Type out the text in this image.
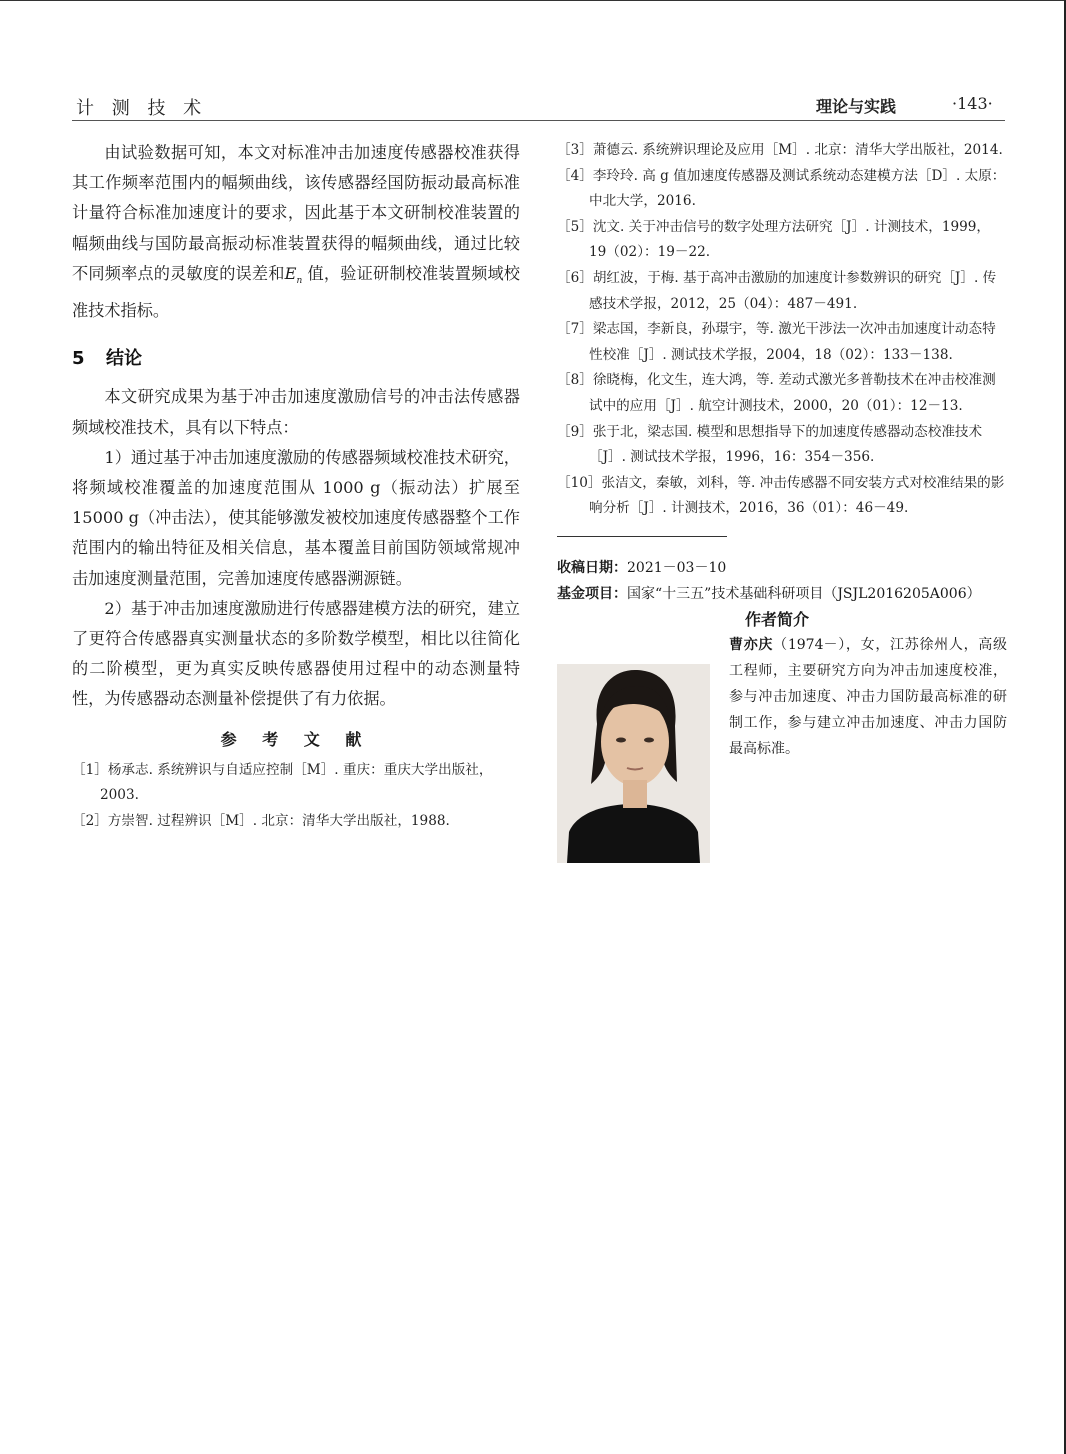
计 测 技 术	理论与实践	·143·

由试验数据可知，本文对标准冲击加速度传感器校准获得其工作频率范围内的幅频曲线，该传感器经国防振动最高标准计量符合标准加速度计的要求，因此基于本文研制校准装置的幅频曲线与国防最高振动标准装置获得的幅频曲线，通过比较不同频率点的灵敏度的误差和$E_n$ 值，验证研制校准装置频域校准技术指标。

5 结论

本文研究成果为基于冲击加速度激励信号的冲击法传感器频域校准技术，具有以下特点：

1）通过基于冲击加速度激励的传感器频域校准技术研究，将频域校准覆盖的加速度范围从 1000 g（振动法）扩展至 15000 g（冲击法），使其能够激发被校加速度传感器整个工作范围内的输出特征及相关信息，基本覆盖目前国防领域常规冲击加速度测量范围，完善加速度传感器溯源链。

2）基于冲击加速度激励进行传感器建模方法的研究，建立了更符合传感器真实测量状态的多阶数学模型，相比以往简化的二阶模型，更为真实反映传感器使用过程中的动态测量特性，为传感器动态测量补偿提供了有力依据。

参 考 文 献

［1］杨承志. 系统辨识与自适应控制［M］. 重庆：重庆大学出版社，2003.

［2］方崇智. 过程辨识［M］. 北京：清华大学出版社，1988.

［3］萧德云. 系统辨识理论及应用［M］. 北京：清华大学出版社，2014.

［4］李玲玲. 高 g 值加速度传感器及测试系统动态建模方法［D］. 太原：中北大学，2016.

［5］沈文. 关于冲击信号的数字处理方法研究［J］. 计测技术，1999，19（02）：19－22.

［6］胡红波，于梅. 基于高冲击激励的加速度计参数辨识的研究［J］. 传感技术学报，2012，25（04）：487－491.

［7］梁志国，李新良，孙璟宇，等. 激光干涉法一次冲击加速度计动态特性校准［J］. 测试技术学报，2004，18（02）：133－138.

［8］徐晓梅，化文生，连大鸿，等. 差动式激光多普勒技术在冲击校准测试中的应用［J］. 航空计测技术，2000，20（01）：12－13.

［9］张于北，梁志国. 模型和思想指导下的加速度传感器动态校准技术［J］. 测试技术学报，1996，16：354－356.

［10］张洁文，秦敏，刘科，等. 冲击传感器不同安装方式对校准结果的影响分析［J］. 计测技术，2016，36（01）：46－49.

收稿日期：2021－03－10

基金项目：国家“十三五”技术基础科研项目（JSJL2016205A006）

作者简介

曹亦庆（1974－），女，江苏徐州人，高级工程师，主要研究方向为冲击加速度校准，参与冲击加速度、冲击力国防最高标准的研制工作，参与建立冲击加速度、冲击力国防最高标准。
